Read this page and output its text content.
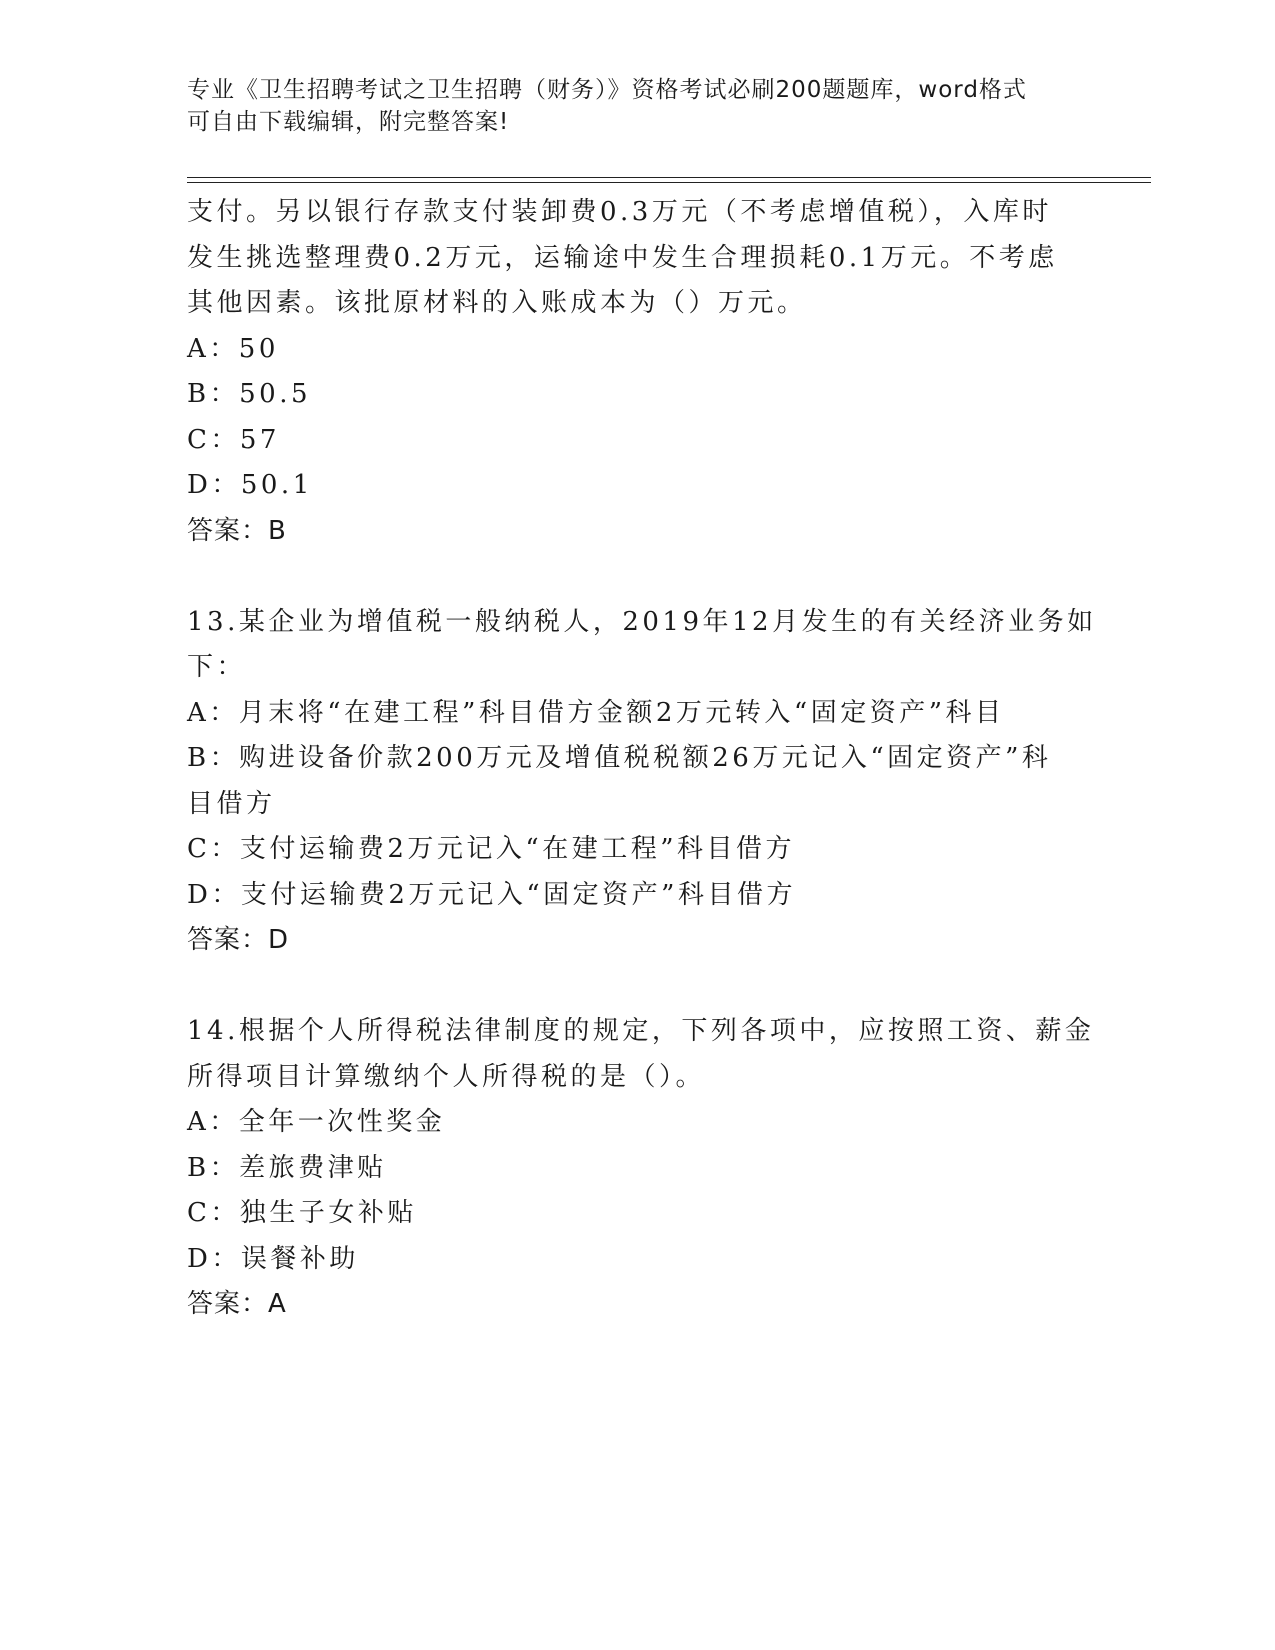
专业《卫生招聘考试之卫生招聘（财务）》资格考试必刷200题题库，word格式
可自由下载编辑，附完整答案!
支付。另以银行存款支付装卸费0.3万元（不考虑增值税），入库时
发生挑选整理费0.2万元，运输途中发生合理损耗0.1万元。不考虑
其他因素。该批原材料的入账成本为（）万元。
A：50
B：50.5
C：57
D：50.1
答案：B
13.某企业为增值税一般纳税人，2019年12月发生的有关经济业务如
下：
A：月末将“在建工程”科目借方金额2万元转入“固定资产”科目
B：购进设备价款200万元及增值税税额26万元记入“固定资产”科
目借方
C：支付运输费2万元记入“在建工程”科目借方
D：支付运输费2万元记入“固定资产”科目借方
答案：D
14.根据个人所得税法律制度的规定，下列各项中，应按照工资、薪金
所得项目计算缴纳个人所得税的是（）。
A：全年一次性奖金
B：差旅费津贴
C：独生子女补贴
D：误餐补助
答案：A
